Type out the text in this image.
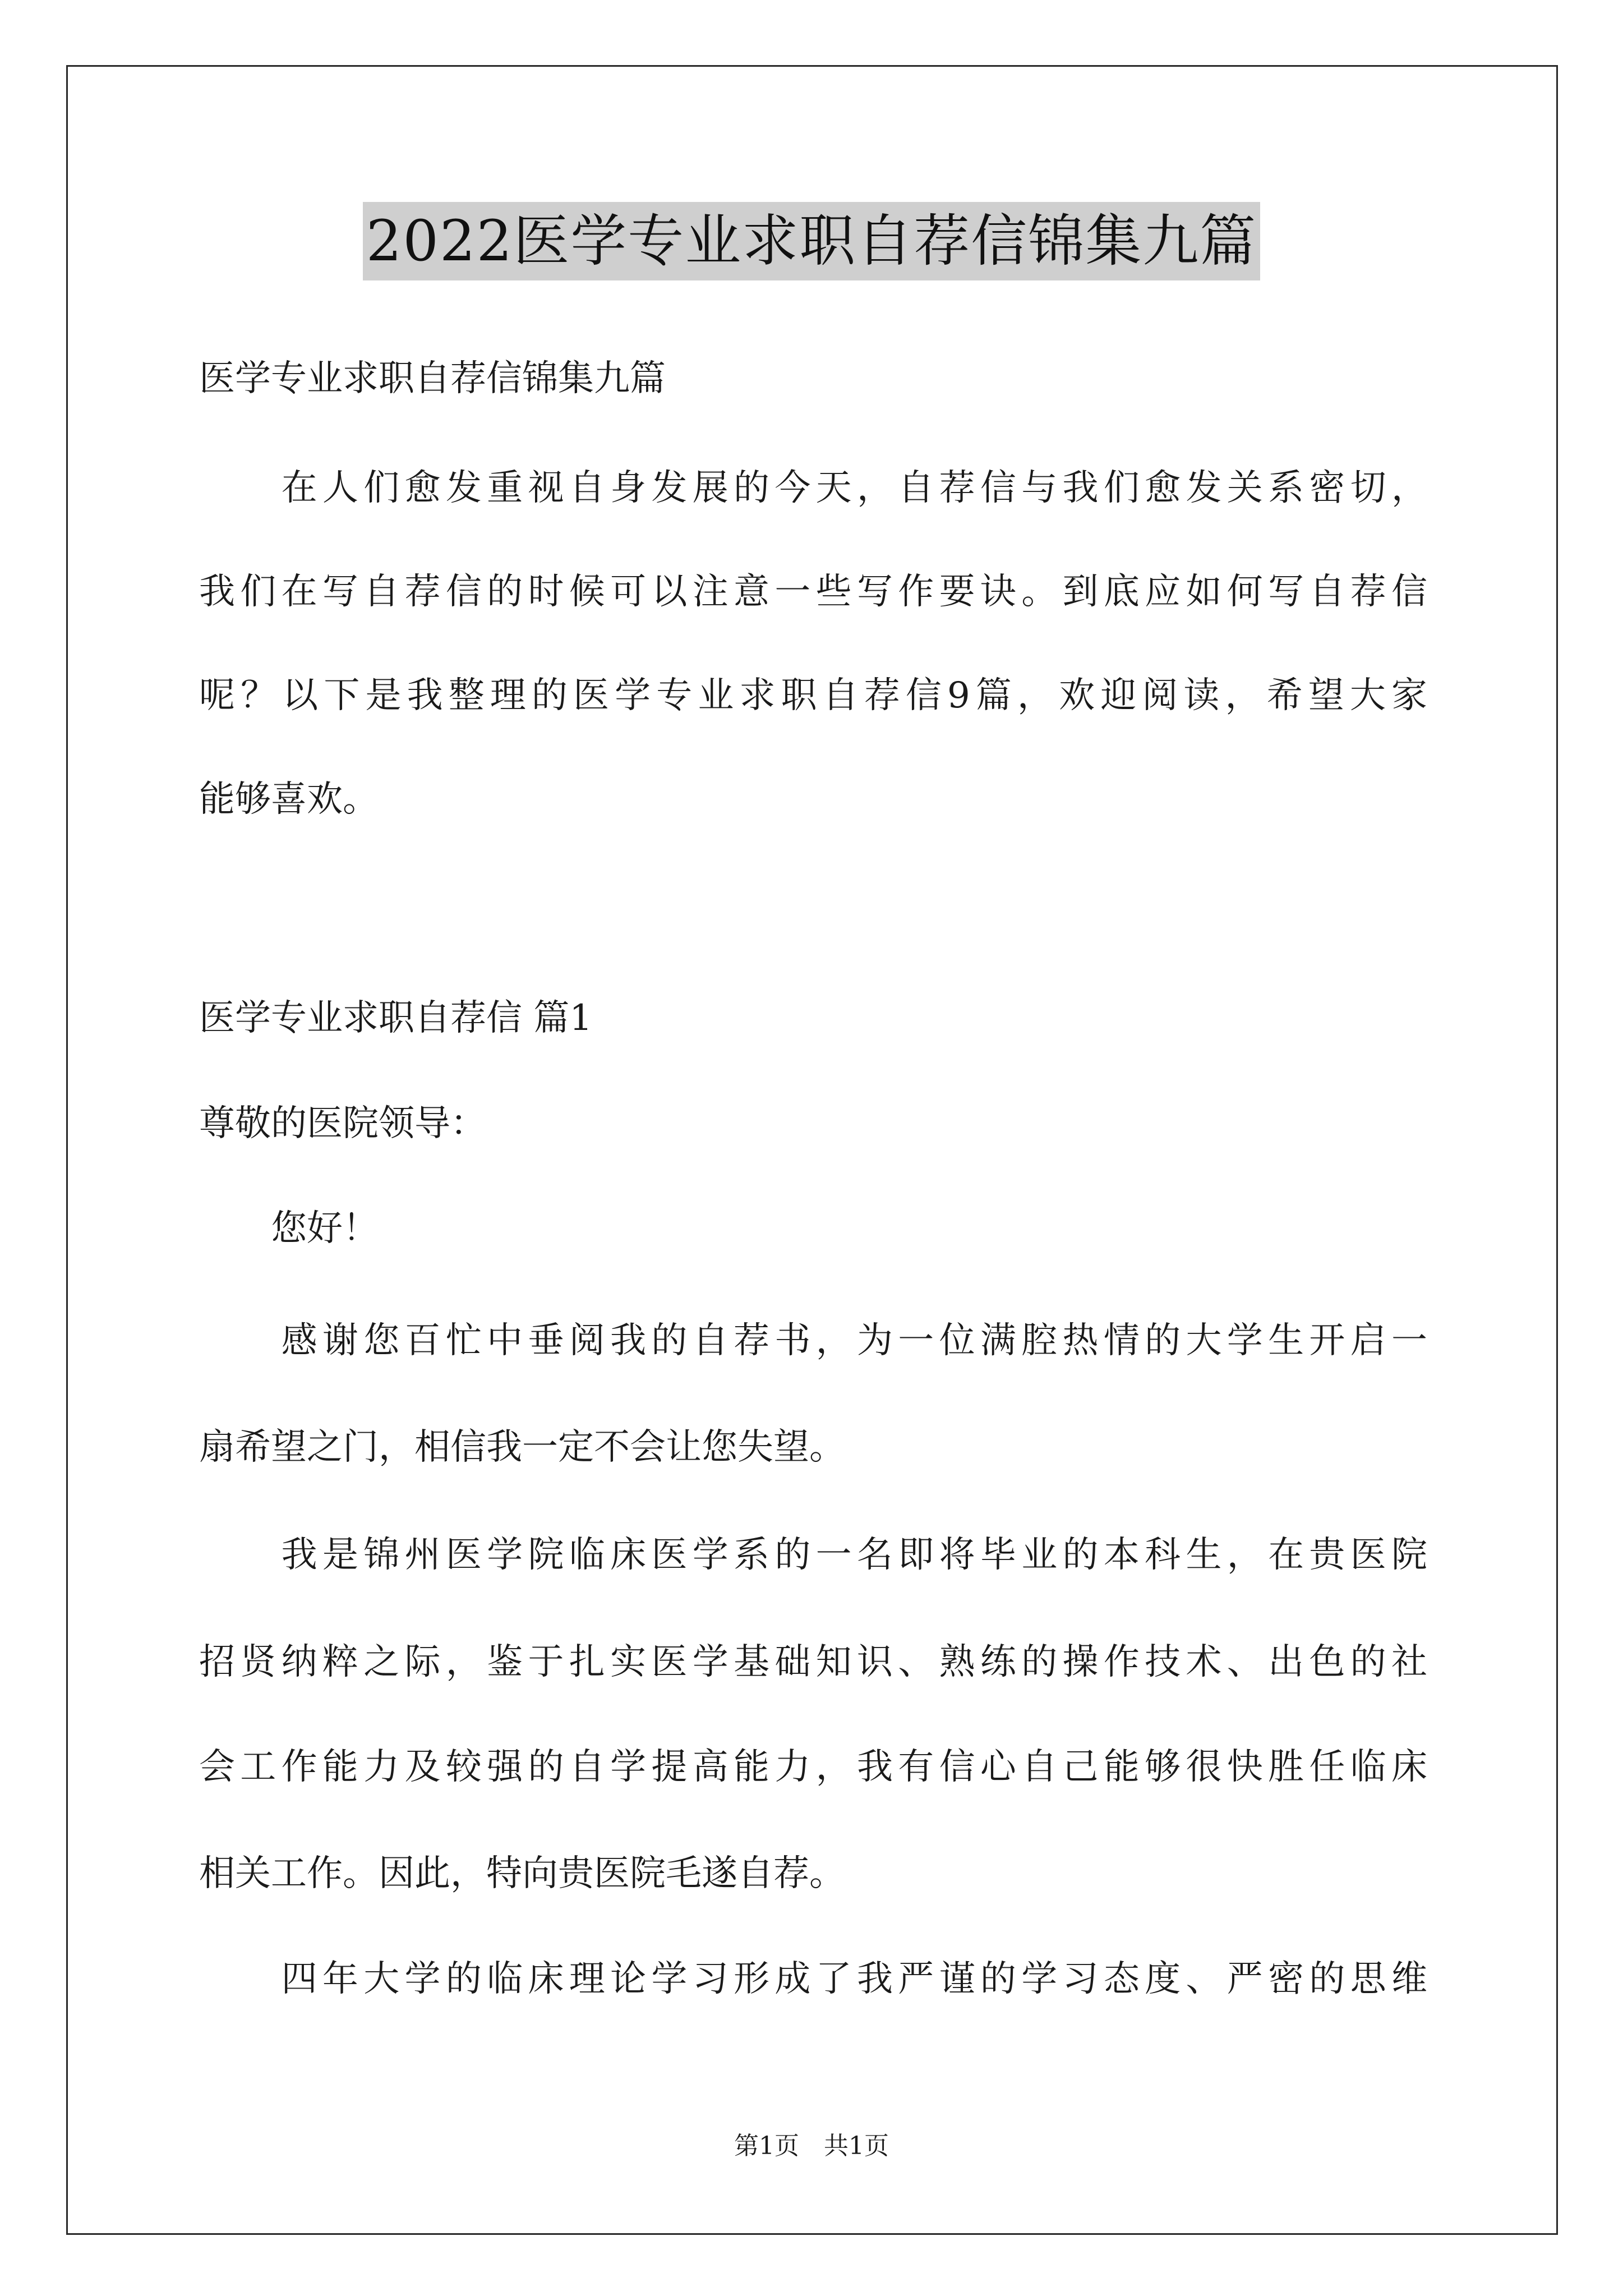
2022医学专业求职自荐信锦集九篇
医学专业求职自荐信锦集九篇
　　在人们愈发重视自身发展的今天，自荐信与我们愈发关系密切，
我们在写自荐信的时候可以注意一些写作要诀。到底应如何写自荐信
呢？以下是我整理的医学专业求职自荐信9篇，欢迎阅读，希望大家
能够喜欢。
医学专业求职自荐信 篇1
尊敬的医院领导：
　　您好！
　　感谢您百忙中垂阅我的自荐书，为一位满腔热情的大学生开启一
扇希望之门，相信我一定不会让您失望。
　　我是锦州医学院临床医学系的一名即将毕业的本科生，在贵医院
招贤纳粹之际，鉴于扎实医学基础知识、熟练的操作技术、出色的社
会工作能力及较强的自学提高能力，我有信心自己能够很快胜任临床
相关工作。因此，特向贵医院毛遂自荐。
　　四年大学的临床理论学习形成了我严谨的学习态度、严密的思维
第1页　共1页
